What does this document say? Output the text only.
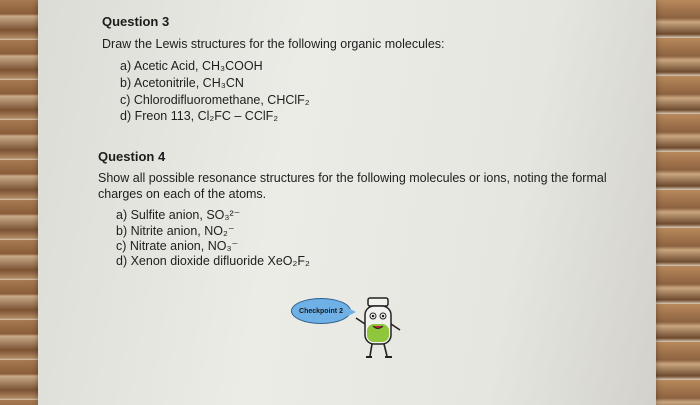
Question 3
Draw the Lewis structures for the following organic molecules:
a) Acetic Acid, CH₃COOH
b) Acetonitrile, CH₃CN
c) Chlorodifluoromethane, CHClF₂
d) Freon 113, Cl₂FC – CClF₂
Question 4
Show all possible resonance structures for the following molecules or ions, noting the formal
charges on each of the atoms.
a) Sulfite anion, SO₃²⁻
b) Nitrite anion, NO₂⁻
c) Nitrate anion, NO₃⁻
d) Xenon dioxide difluoride XeO₂F₂
Checkpoint 2
